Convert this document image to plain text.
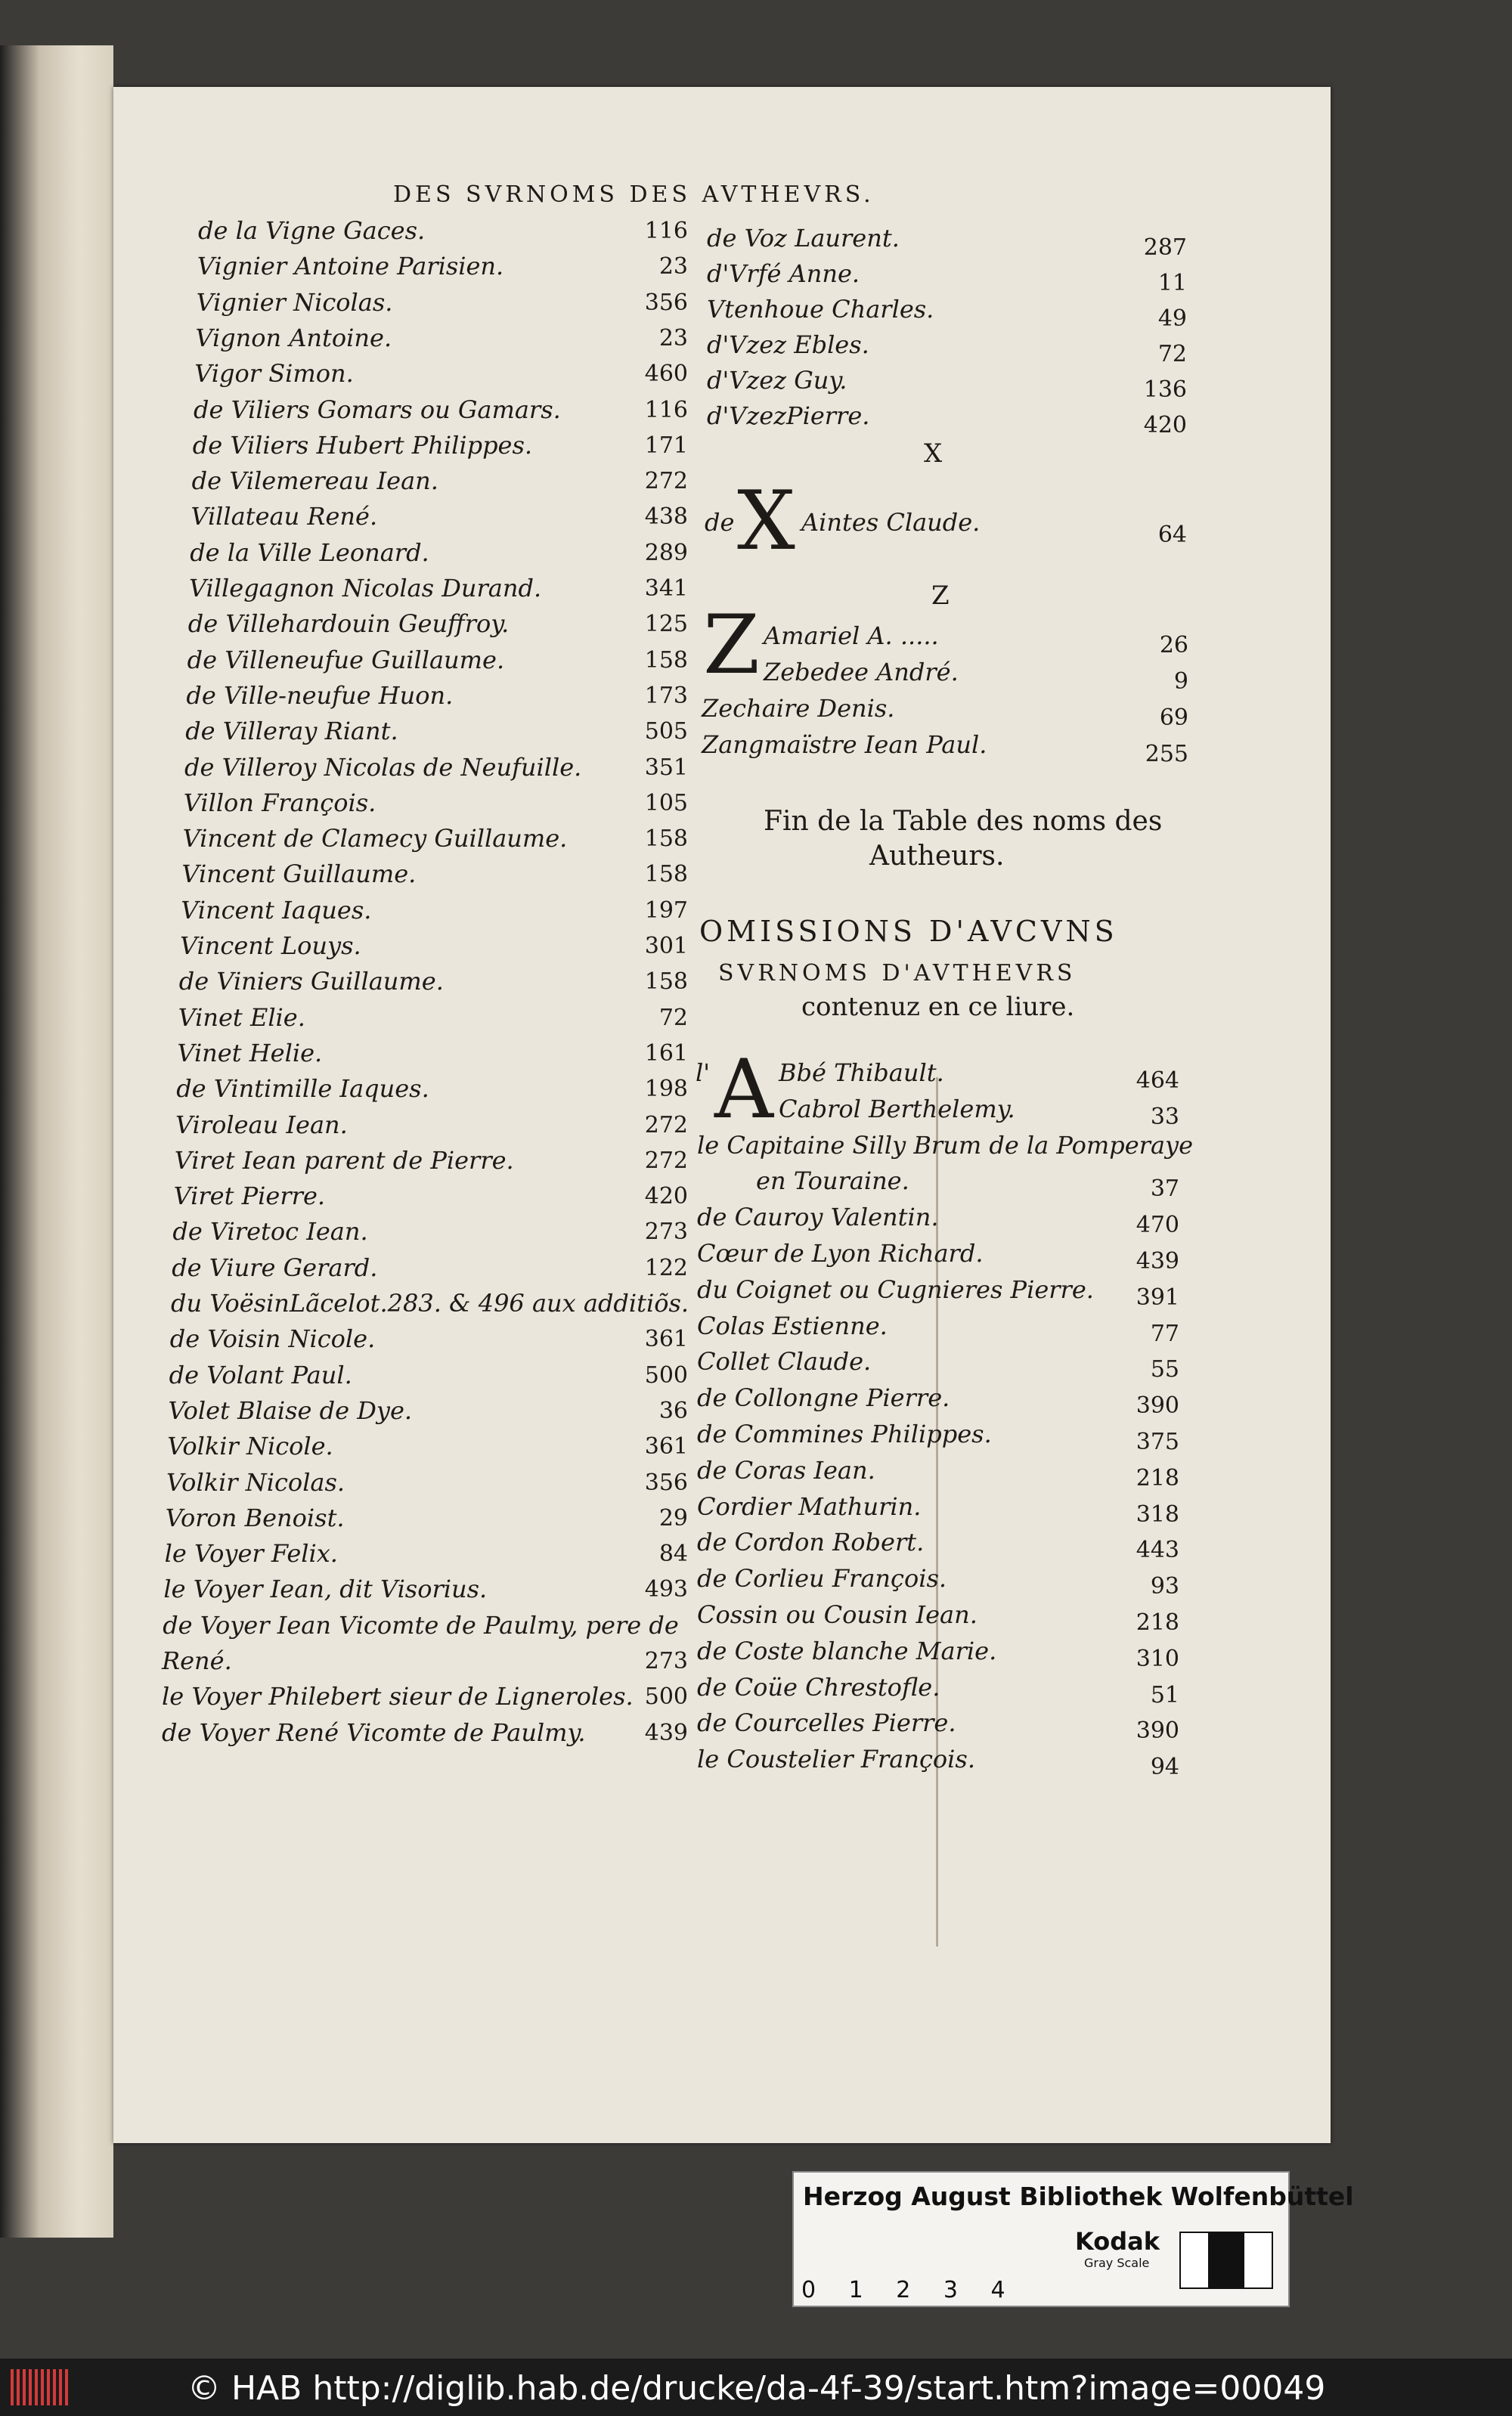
DES SVRNOMS DES AVTHEVRS.
de la Vigne Gaces.	116
Vignier Antoine Parisien.	23
Vignier Nicolas.	356
Vignon Antoine.	23
Vigor Simon.	460
de Viliers Gomars ou Gamars.	116
de Viliers Hubert Philippes.	171
de Vilemereau Iean.	272
Villateau René.	438
de la Ville Leonard.	289
Villegagnon Nicolas Durand.	341
de Villehardouin Geuffroy.	125
de Villeneufue Guillaume.	158
de Ville-neufue Huon.	173
de Villeray Riant.	505
de Villeroy Nicolas de Neufuille.	351
Villon François.	105
Vincent de Clamecy Guillaume.	158
Vincent Guillaume.	158
Vincent Iaques.	197
Vincent Louys.	301
de Viniers Guillaume.	158
Vinet Elie.	72
Vinet Helie.	161
de Vintimille Iaques.	198
Viroleau Iean.	272
Viret Iean parent de Pierre.	272
Viret Pierre.	420
de Viretoc Iean.	273
de Viure Gerard.	122
du VoësinLãcelot.283. & 496 aux additiõs.
de Voisin Nicole.	361
de Volant Paul.	500
Volet Blaise de Dye.	36
Volkir Nicole.	361
Volkir Nicolas.	356
Voron Benoist.	29
le Voyer Felix.	84
le Voyer Iean, dit Visorius.	493
de Voyer Iean Vicomte de Paulmy, pere de
René.	273
le Voyer Philebert sieur de Ligneroles. 500
de Voyer René Vicomte de Paulmy.	439
de Voz Laurent.	287
d'Vrfé Anne.	11
Vtenhoue Charles.	49
d'Vzez Ebles.	72
d'Vzez Guy.	136
d'VzezPierre.	420
X
de X Aintes Claude.	64
Z
Z Amariel A. .....	26
Zebedee André.	9
Zechaire Denis.	69
Zangmaïstre Iean Paul.	255
Fin de la Table des noms des
Autheurs.
OMISSIONS D'AVCVNS
SVRNOMS D'AVTHEVRS
contenuz en ce liure.
l' A Bbé Thibault.	464
Cabrol Berthelemy.	33
le Capitaine Silly Brum de la Pomperaye
en Touraine.	37
de Cauroy Valentin.	470
Cœur de Lyon Richard.	439
du Coignet ou Cugnieres Pierre.	391
Colas Estienne.	77
Collet Claude.	55
de Collongne Pierre.	390
de Commines Philippes.	375
de Coras Iean.	218
Cordier Mathurin.	318
de Cordon Robert.	443
de Corlieu François.	93
Cossin ou Cousin Iean.	218
de Coste blanche Marie.	310
de Coüe Chrestofle.	51
de Courcelles Pierre.	390
le Coustelier François.	94
Herzog August Bibliothek Wolfenbüttel
Kodak
Gray Scale
0 1 2 3 4
© HAB http://diglib.hab.de/drucke/da-4f-39/start.htm?image=00049
